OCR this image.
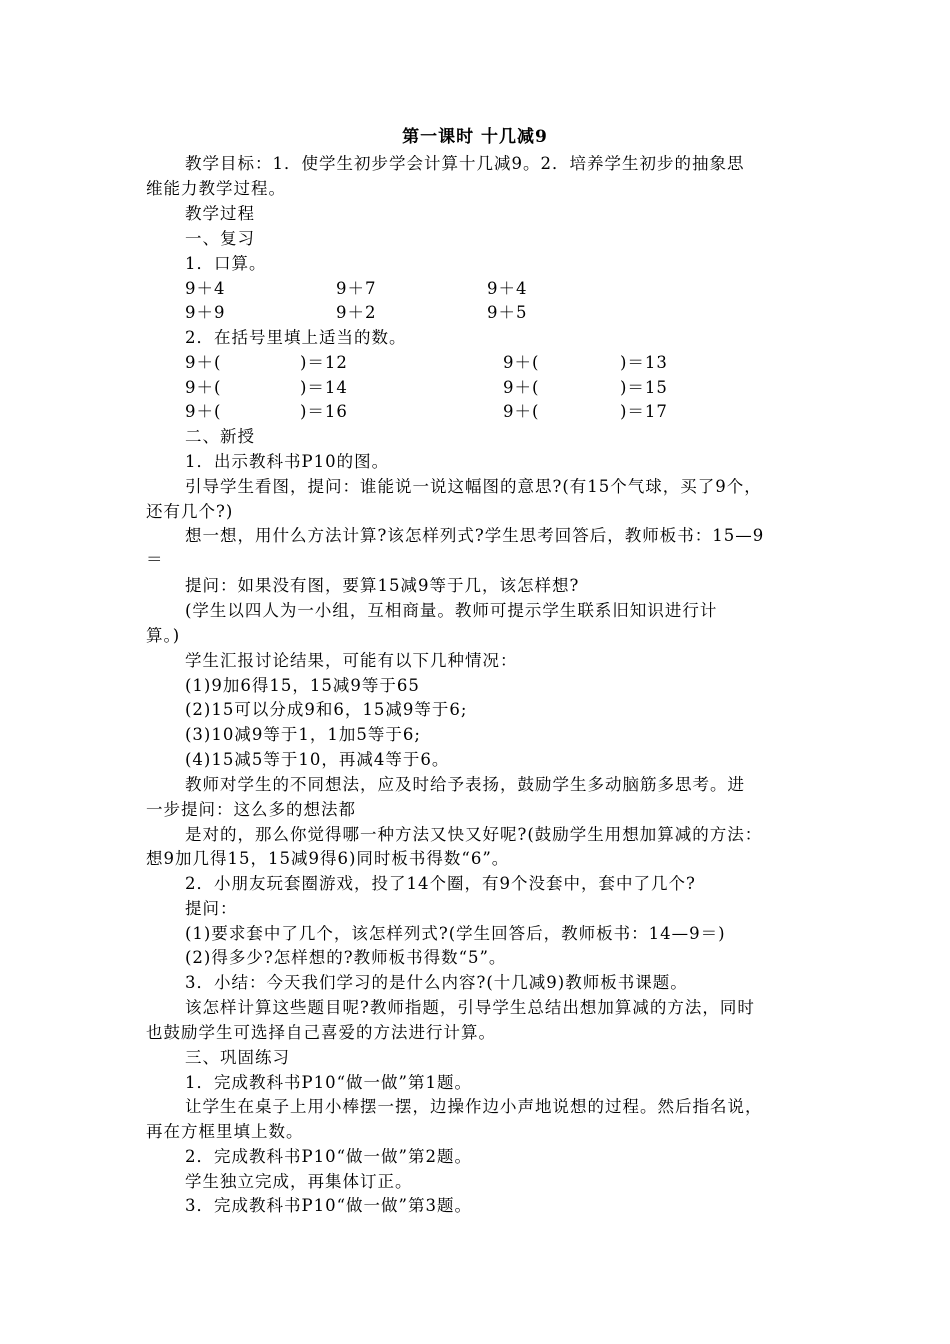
第一课时 十几减9
教学目标：1．使学生初步学会计算十几减9。2．培养学生初步的抽象思
维能力教学过程。
教学过程
一、复习
1．口算。
9＋4	9＋7	9＋4
9＋9	9＋2	9＋5
2．在括号里填上适当的数。
9＋(	)＝12	9＋(	)＝13
9＋(	)＝14	9＋(	)＝15
9＋(	)＝16	9＋(	)＝17
二、新授
1．出示教科书P10的图。
引导学生看图，提问：谁能说一说这幅图的意思?(有15个气球，买了9个，
还有几个?)
想一想，用什么方法计算?该怎样列式?学生思考回答后，教师板书：15—9
＝
提问：如果没有图，要算15减9等于几，该怎样想?
(学生以四人为一小组，互相商量。教师可提示学生联系旧知识进行计
算。)
学生汇报讨论结果，可能有以下几种情况：
(1)9加6得15，15减9等于65
(2)15可以分成9和6，15减9等于6;
(3)10减9等于1，1加5等于6;
(4)15减5等于10，再减4等于6。
教师对学生的不同想法，应及时给予表扬，鼓励学生多动脑筋多思考。进
一步提问：这么多的想法都
是对的，那么你觉得哪一种方法又快又好呢?(鼓励学生用想加算减的方法：
想9加几得15，15减9得6)同时板书得数“6”。
2．小朋友玩套圈游戏，投了14个圈，有9个没套中，套中了几个?
提问：
(1)要求套中了几个，该怎样列式?(学生回答后，教师板书：14—9＝)
(2)得多少?怎样想的?教师板书得数“5”。
3．小结：今天我们学习的是什么内容?(十几减9)教师板书课题。
该怎样计算这些题目呢?教师指题，引导学生总结出想加算减的方法，同时
也鼓励学生可选择自己喜爱的方法进行计算。
三、巩固练习
1．完成教科书P10“做一做”第1题。
让学生在桌子上用小棒摆一摆，边操作边小声地说想的过程。然后指名说，
再在方框里填上数。
2．完成教科书P10“做一做”第2题。
学生独立完成，再集体订正。
3．完成教科书P10“做一做”第3题。
